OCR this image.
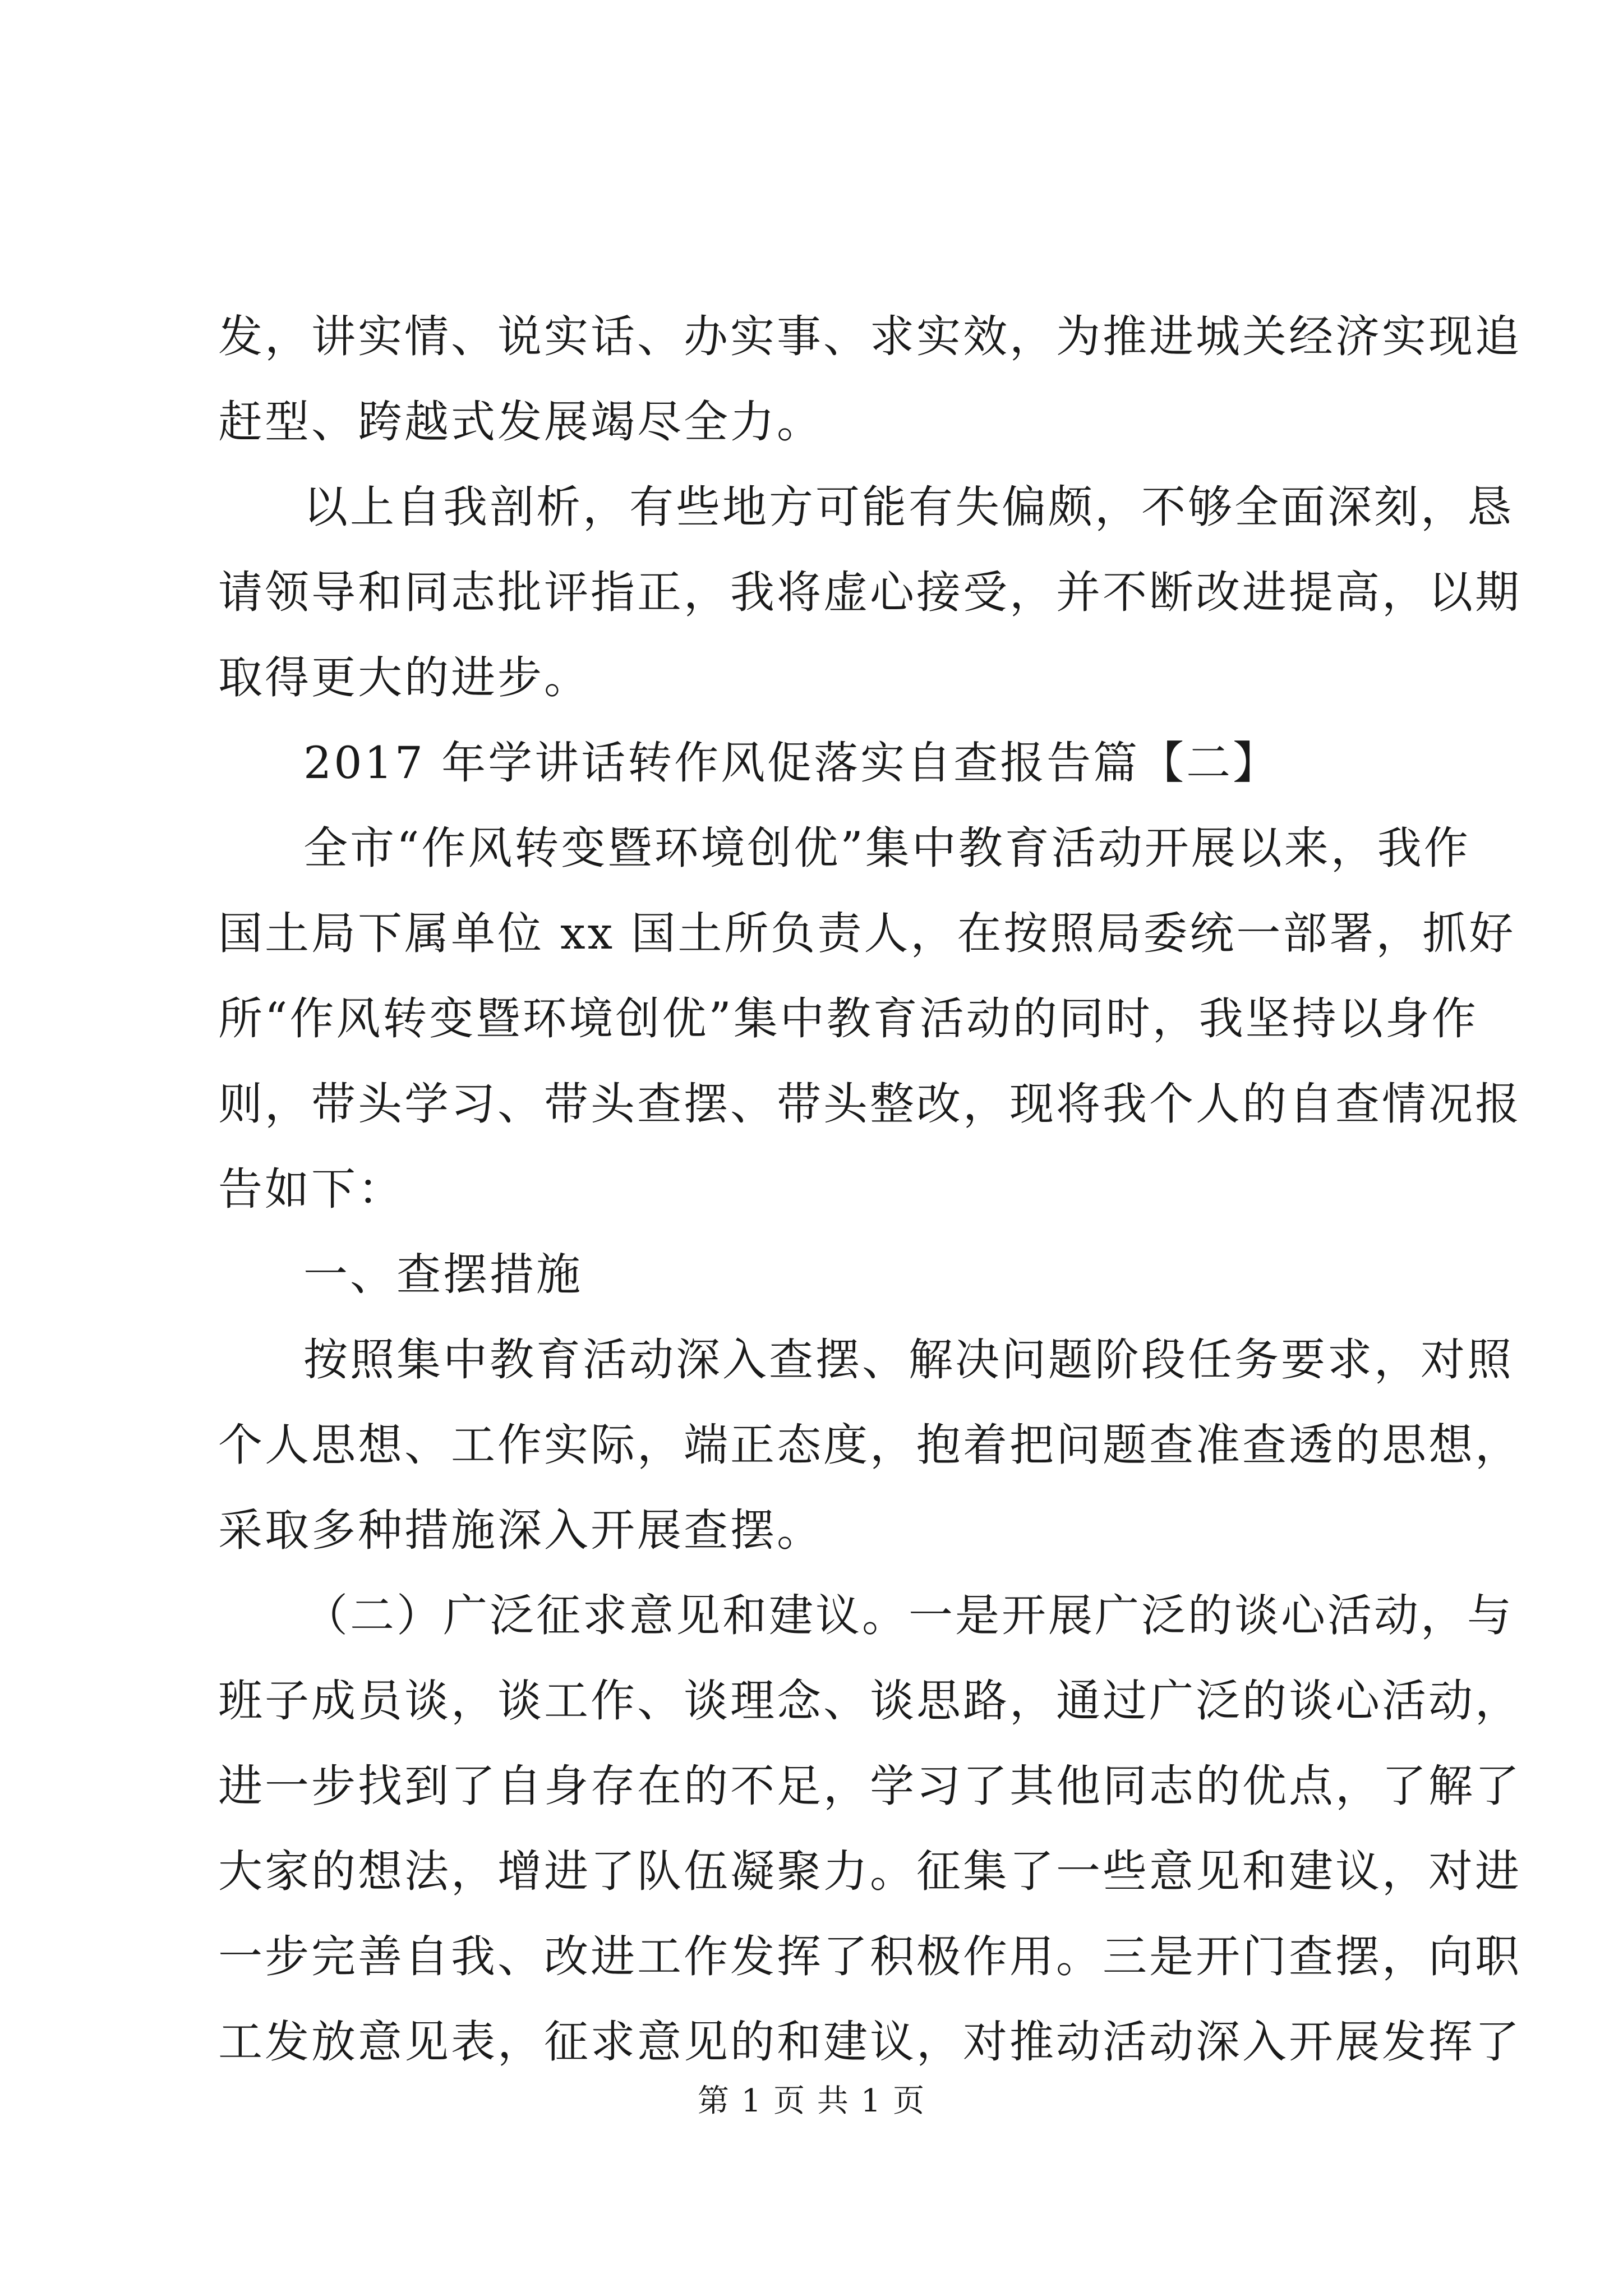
发，讲实情、说实话、办实事、求实效，为推进城关经济实现追
赶型、跨越式发展竭尽全力。
以上自我剖析，有些地方可能有失偏颇，不够全面深刻，恳
请领导和同志批评指正，我将虚心接受，并不断改进提高，以期
取得更大的进步。
2017 年学讲话转作风促落实自查报告篇【二】
全市“作风转变暨环境创优”集中教育活动开展以来，我作
国土局下属单位 xx 国土所负责人，在按照局委统一部署，抓好
所“作风转变暨环境创优”集中教育活动的同时，我坚持以身作
则，带头学习、带头查摆、带头整改，现将我个人的自查情况报
告如下：
一、查摆措施
按照集中教育活动深入查摆、解决问题阶段任务要求，对照
个人思想、工作实际，端正态度，抱着把问题查准查透的思想，
采取多种措施深入开展查摆。
（二）广泛征求意见和建议。一是开展广泛的谈心活动，与
班子成员谈，谈工作、谈理念、谈思路，通过广泛的谈心活动，
进一步找到了自身存在的不足，学习了其他同志的优点，了解了
大家的想法，增进了队伍凝聚力。征集了一些意见和建议，对进
一步完善自我、改进工作发挥了积极作用。三是开门查摆，向职
工发放意见表，征求意见的和建议，对推动活动深入开展发挥了
第 1 页 共 1 页
